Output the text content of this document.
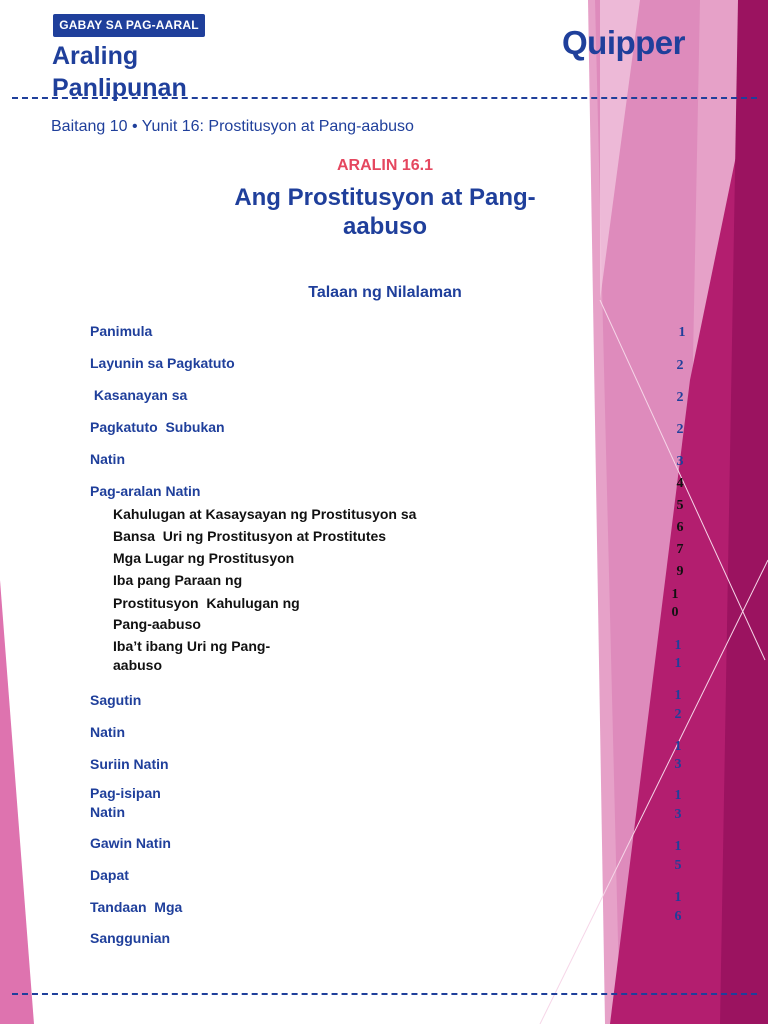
GABAY SA PAG-AARAL
Araling
Panlipunan
Quipper
Baitang 10 • Yunit 16: Prostitusyon at Pang-aabuso
ARALIN 16.1
Ang Prostitusyon at Pang-
aabuso
Talaan ng Nilalaman
Panimula
Layunin sa Pagkatuto
Kasanayan sa
Pagkatuto  Subukan
Natin
Pag-aralan Natin
Kahulugan at Kasaysayan ng Prostitusyon sa
Bansa  Uri ng Prostitusyon at Prostitutes
Mga Lugar ng Prostitusyon
Iba pang Paraan ng
Prostitusyon  Kahulugan ng
Pang-aabuso
Iba’t ibang Uri ng Pang-
aabuso
Sagutin
Natin
Suriin Natin
Pag-isipan
Natin
Gawin Natin
Dapat
Tandaan  Mga
Sanggunian
1
2
2
2
3
4
5
6
7
9
1
0
1
1
1
2
1
3
1
3
1
5
1
6
